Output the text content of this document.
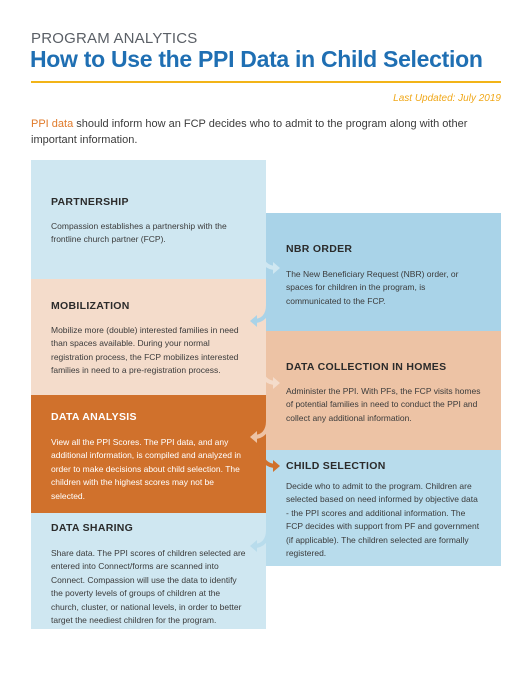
PROGRAM ANALYTICS
How to Use the PPI Data in Child Selection
Last Updated: July 2019
PPI data should inform how an FCP decides who to admit to the program along with other important information.
PARTNERSHIP

Compassion establishes a partnership with the frontline church partner (FCP).

NBR ORDER

The New Beneficiary Request (NBR) order, or spaces for children in the program, is communicated to the FCP.

MOBILIZATION

Mobilize more (double) interested families in need than spaces available. During your normal registration process, the FCP mobilizes interested families in need to a pre-registration process.	DATA COLLECTION IN HOMES

Administer the PPI. With PFs, the FCP visits homes of potential families in need to conduct the PPI and collect any additional information.

DATA ANALYSIS

View all the PPI Scores. The PPI data, and any additional information, is compiled and analyzed in order to make decisions about child selection. The children with the highest scores may not be selected.

CHILD SELECTION

Decide who to admit to the program. Children are selected based on need informed by objective data - the PPI scores and additional information. The FCP decides with support from PF and government (if applicable). The children selected are formally registered.

DATA SHARING

Share data. The PPI scores of children selected are entered into Connect/forms are scanned into Connect. Compassion will use the data to identify the poverty levels of groups of children at the church, cluster, or national levels, in order to better target the neediest children for the program.
